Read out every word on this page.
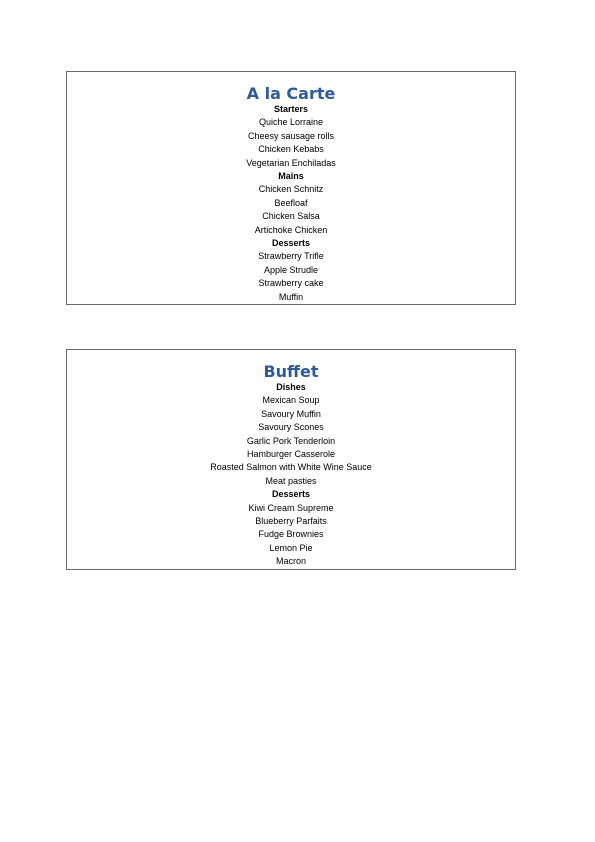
A la Carte
Starters
Quiche Lorraine
Cheesy sausage rolls
Chicken Kebabs
Vegetarian Enchiladas
Mains
Chicken Schnitz
Beefloaf
Chicken Salsa
Artichoke Chicken
Desserts
Strawberry Trifle
Apple Strudle
Strawberry cake
Muffin
Buffet
Dishes
Mexican Soup
Savoury Muffin
Savoury Scones
Garlic Pork Tenderloin
Hamburger Casserole
Roasted Salmon with White Wine Sauce
Meat pasties
Desserts
Kiwi Cream Supreme
Blueberry Parfaits
Fudge Brownies
Lemon Pie
Macron
